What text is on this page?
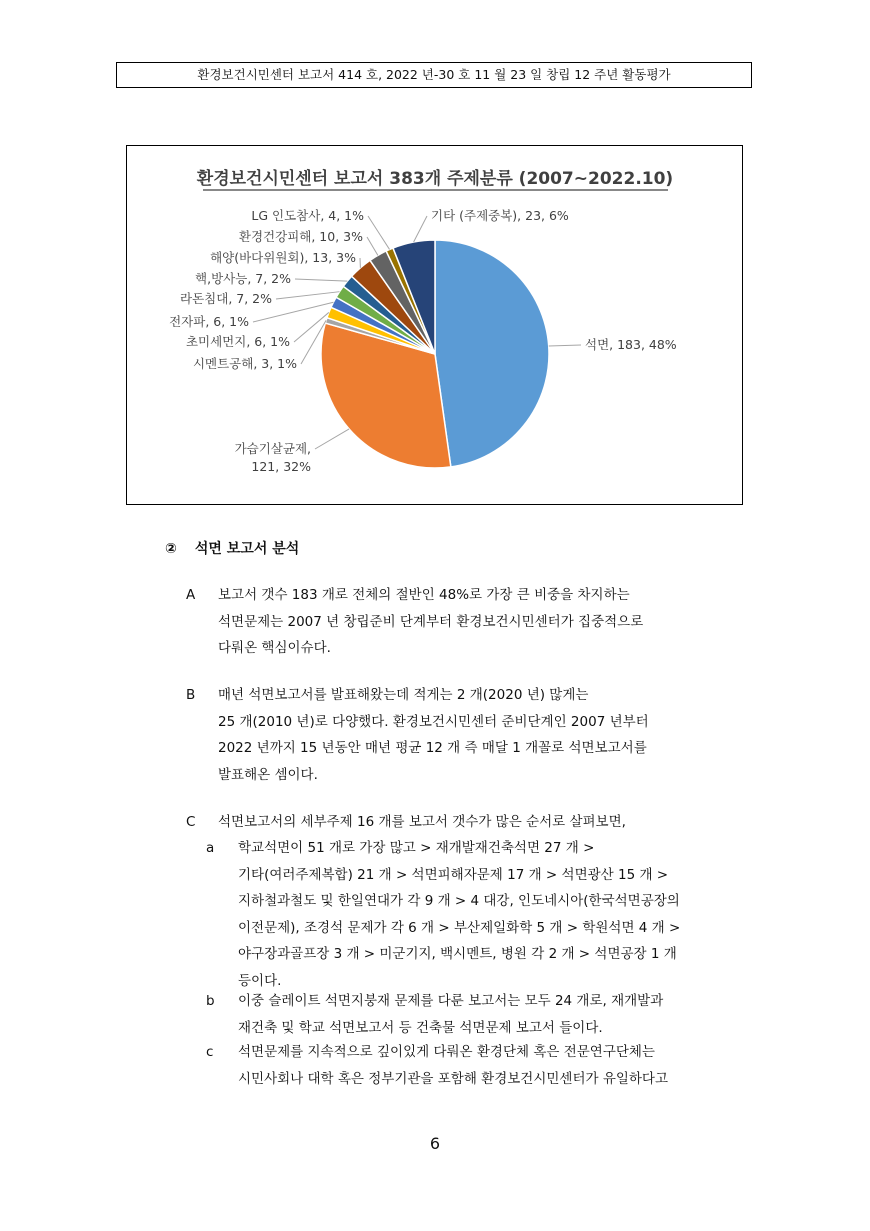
환경보건시민센터 보고서 414 호, 2022 년-30 호 11 월 23 일 창립 12 주년 활동평가
환경보건시민센터 보고서 383개 주제분류 (2007~2022.10)
석면, 183, 48%
가습기살균제, 121, 32%
시멘트공해, 3, 1%
초미세먼지, 6, 1%
전자파, 6, 1%
라돈침대, 7, 2%
핵,방사능, 7, 2%
해양(바다위원회), 13, 3%
환경건강피해, 10, 3%
LG 인도참사, 4, 1%	기타 (주제중복), 23, 6%
② 석면 보고서 분석
A 보고서 갯수 183 개로 전체의 절반인 48%로 가장 큰 비중을 차지하는
석면문제는 2007 년 창립준비 단계부터 환경보건시민센터가 집중적으로
다뤄온 핵심이슈다.
B 매년 석면보고서를 발표해왔는데 적게는 2 개(2020 년) 많게는
25 개(2010 년)로 다양했다. 환경보건시민센터 준비단계인 2007 년부터
2022 년까지 15 년동안 매년 평균 12 개 즉 매달 1 개꼴로 석면보고서를
발표해온 셈이다.
C 석면보고서의 세부주제 16 개를 보고서 갯수가 많은 순서로 살펴보면,
a 학교석면이 51 개로 가장 많고 > 재개발재건축석면 27 개 >
기타(여러주제복합) 21 개 > 석면피해자문제 17 개 > 석면광산 15 개 >
지하철과철도 및 한일연대가 각 9 개 > 4 대강, 인도네시아(한국석면공장의
이전문제), 조경석 문제가 각 6 개 > 부산제일화학 5 개 > 학원석면 4 개 >
야구장과골프장 3 개 > 미군기지, 백시멘트, 병원 각 2 개 > 석면공장 1 개
등이다.
b 이중 슬레이트 석면지붕재 문제를 다룬 보고서는 모두 24 개로, 재개발과
재건축 및 학교 석면보고서 등 건축물 석면문제 보고서 들이다.
c 석면문제를 지속적으로 깊이있게 다뤄온 환경단체 혹은 전문연구단체는
시민사회나 대학 혹은 정부기관을 포함해 환경보건시민센터가 유일하다고
6
